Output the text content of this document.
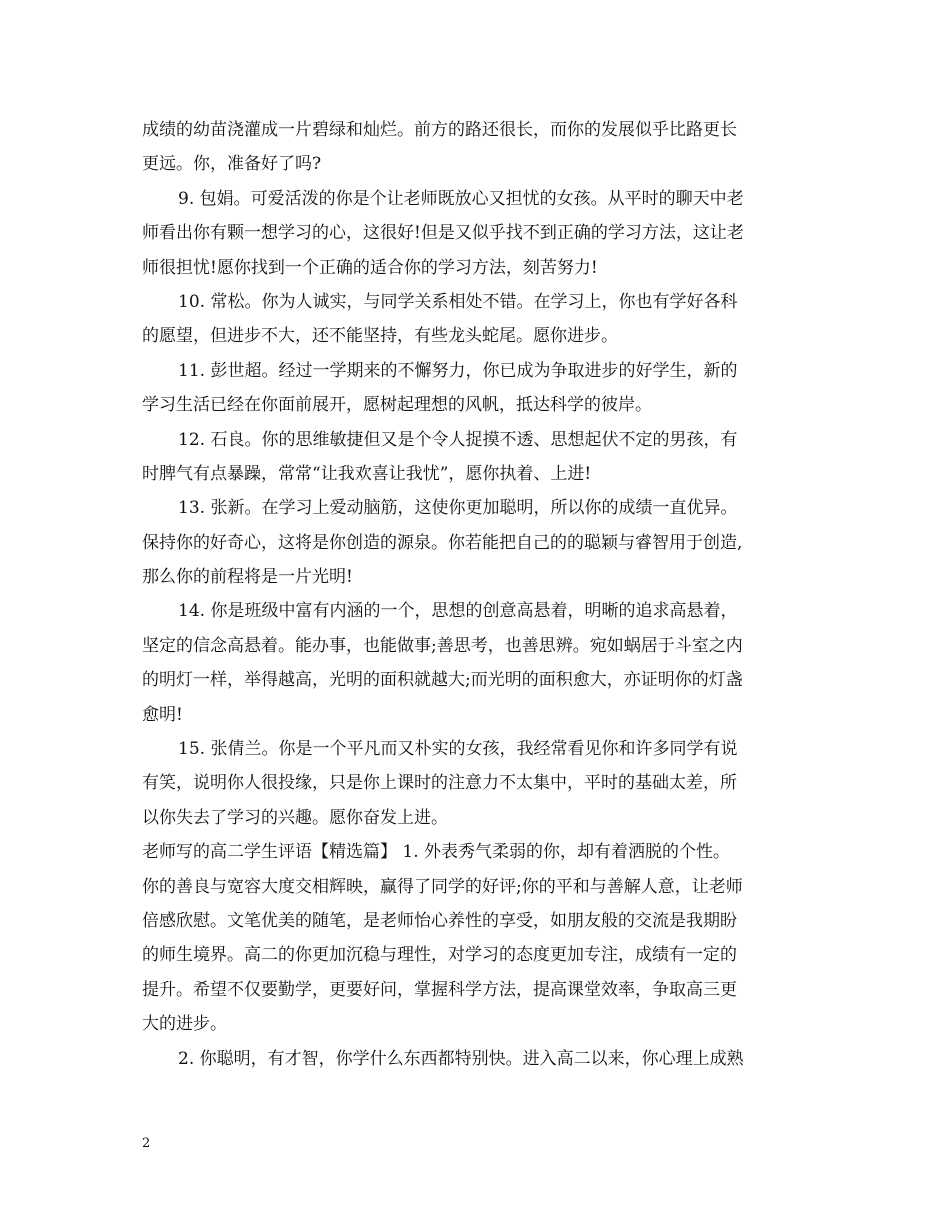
成绩的幼苗浇灌成一片碧绿和灿烂。前方的路还很长，而你的发展似乎比路更长
更远。你，准备好了吗?
9. 包娟。可爱活泼的你是个让老师既放心又担忧的女孩。从平时的聊天中老
师看出你有颗一想学习的心，这很好!但是又似乎找不到正确的学习方法，这让老
师很担忧!愿你找到一个正确的适合你的学习方法，刻苦努力!
10. 常松。你为人诚实，与同学关系相处不错。在学习上，你也有学好各科
的愿望，但进步不大，还不能坚持，有些龙头蛇尾。愿你进步。
11. 彭世超。经过一学期来的不懈努力，你已成为争取进步的好学生，新的
学习生活已经在你面前展开，愿树起理想的风帆，抵达科学的彼岸。
12. 石良。你的思维敏捷但又是个令人捉摸不透、思想起伏不定的男孩，有
时脾气有点暴躁，常常“让我欢喜让我忧”，愿你执着、上进!
13. 张新。在学习上爱动脑筋，这使你更加聪明，所以你的成绩一直优异。
保持你的好奇心，这将是你创造的源泉。你若能把自己的的聪颖与睿智用于创造,
那么你的前程将是一片光明!
14. 你是班级中富有内涵的一个，思想的创意高悬着，明晰的追求高悬着，
坚定的信念高悬着。能办事，也能做事;善思考，也善思辨。宛如蜗居于斗室之内
的明灯一样，举得越高，光明的面积就越大;而光明的面积愈大，亦证明你的灯盏
愈明!
15. 张倩兰。你是一个平凡而又朴实的女孩，我经常看见你和许多同学有说
有笑，说明你人很投缘，只是你上课时的注意力不太集中，平时的基础太差，所
以你失去了学习的兴趣。愿你奋发上进。
老师写的高二学生评语【精选篇】 1. 外表秀气柔弱的你，却有着洒脱的个性。
你的善良与宽容大度交相辉映，赢得了同学的好评;你的平和与善解人意，让老师
倍感欣慰。文笔优美的随笔，是老师怡心养性的享受，如朋友般的交流是我期盼
的师生境界。高二的你更加沉稳与理性，对学习的态度更加专注，成绩有一定的
提升。希望不仅要勤学，更要好问，掌握科学方法，提高课堂效率，争取高三更
大的进步。
2. 你聪明，有才智，你学什么东西都特别快。进入高二以来，你心理上成熟
2
